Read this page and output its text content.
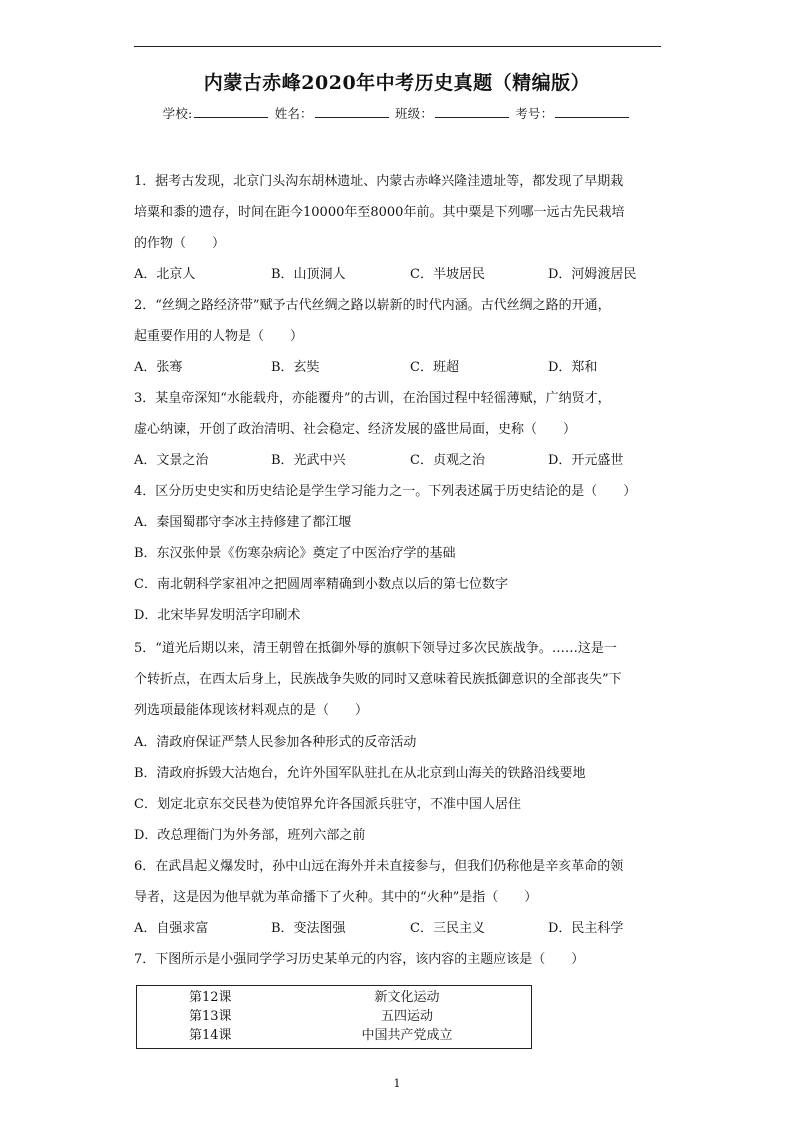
内蒙古赤峰2020年中考历史真题（精编版）
学校:	姓名：	班级：	考号：
1．据考古发现，北京门头沟东胡林遗址、内蒙古赤峰兴隆洼遗址等，都发现了早期栽
培粟和黍的遗存，时间在距今10000年至8000年前。其中粟是下列哪一远古先民栽培
的作物（　　）
A．北京人	B．山顶洞人	C．半坡居民	D．河姆渡居民
2．“丝绸之路经济带”赋予古代丝绸之路以崭新的时代内涵。古代丝绸之路的开通，
起重要作用的人物是（　　）
A．张骞	B．玄奘	C．班超	D．郑和
3．某皇帝深知“水能载舟，亦能覆舟”的古训，在治国过程中轻徭薄赋，广纳贤才，
虚心纳谏，开创了政治清明、社会稳定、经济发展的盛世局面，史称（　　）
A．文景之治	B．光武中兴	C．贞观之治	D．开元盛世
4．区分历史史实和历史结论是学生学习能力之一。下列表述属于历史结论的是（　　）
A．秦国蜀郡守李冰主持修建了都江堰
B．东汉张仲景《伤寒杂病论》奠定了中医治疗学的基础
C．南北朝科学家祖冲之把圆周率精确到小数点以后的第七位数字
D．北宋毕昇发明活字印刷术
5．“道光后期以来，清王朝曾在抵御外辱的旗帜下领导过多次民族战争。……这是一
个转折点，在西太后身上，民族战争失败的同时又意味着民族抵御意识的全部丧失”下
列选项最能体现该材料观点的是（　　）
A．清政府保证严禁人民参加各种形式的反帝活动
B．清政府拆毁大沽炮台，允许外国军队驻扎在从北京到山海关的铁路沿线要地
C．划定北京东交民巷为使馆界允许各国派兵驻守，不准中国人居住
D．改总理衙门为外务部，班列六部之前
6．在武昌起义爆发时，孙中山远在海外并未直接参与，但我们仍称他是辛亥革命的领
导者，这是因为他早就为革命播下了火种。其中的“火种”是指（　　）
A．自强求富	B．变法图强	C．三民主义	D．民主科学
7．下图所示是小强同学学习历史某单元的内容，该内容的主题应该是（　　）
第12课	新文化运动
第13课	五四运动
第14课	中国共产党成立
1
